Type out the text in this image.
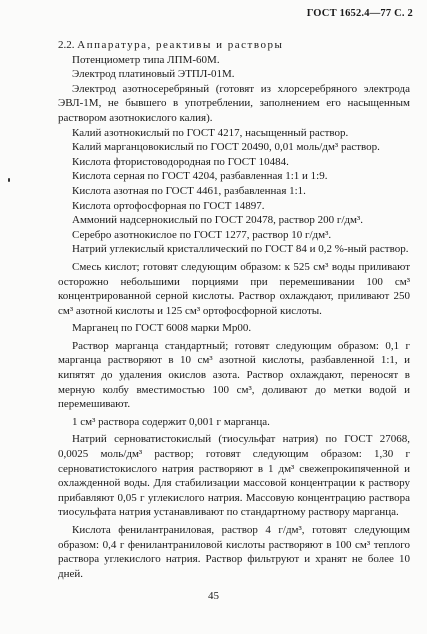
ГОСТ 1652.4—77 С. 2
2.2. Аппаратура, реактивы и растворы

Потенциометр типа ЛПМ-60М.

Электрод платиновый ЭТПЛ-01М.

Электрод азотносеребряный (готовят из хлорсеребряного электрода ЭВЛ-1М, не бывшего в употреблении, заполнением его насыщенным раствором азотнокислого калия).

Калий азотнокислый по ГОСТ 4217, насыщенный раствор.

Калий марганцовокислый по ГОСТ 20490, 0,01 моль/дм³ раствор.

Кислота фтористоводородная по ГОСТ 10484.

Кислота серная по ГОСТ 4204, разбавленная 1:1 и 1:9.

Кислота азотная по ГОСТ 4461, разбавленная 1:1.

Кислота ортофосфорная по ГОСТ 14897.

Аммоний надсернокислый по ГОСТ 20478, раствор 200 г/дм³.

Серебро азотнокислое по ГОСТ 1277, раствор 10 г/дм³.

Натрий углекислый кристаллический по ГОСТ 84 и 0,2 %-ный раствор.

Смесь кислот; готовят следующим образом: к 525 см³ воды приливают осторожно небольшими порциями при перемешивании 100 см³ концентрированной серной кислоты. Раствор охлаждают, приливают 250 см³ азотной кислоты и 125 см³ ортофосфорной кислоты.

Марганец по ГОСТ 6008 марки Мр00.

Раствор марганца стандартный; готовят следующим образом: 0,1 г марганца растворяют в 10 см³ азотной кислоты, разбавленной 1:1, и кипятят до удаления окислов азота. Раствор охлаждают, переносят в мерную колбу вместимостью 100 см³, доливают до метки водой и перемешивают.

1 см³ раствора содержит 0,001 г марганца.

Натрий серноватистокислый (тиосульфат натрия) по ГОСТ 27068, 0,0025 моль/дм³ раствор; готовят следующим образом: 1,30 г серноватистокислого натрия растворяют в 1 дм³ свежепрокипяченной и охлажденной воды. Для стабилизации массовой концентрации к раствору прибавляют 0,05 г углекислого натрия. Массовую концентрацию раствора тиосульфата натрия устанавливают по стандартному раствору марганца.

Кислота фенилантраниловая, раствор 4 г/дм³, готовят следующим образом: 0,4 г фенилантраниловой кислоты растворяют в 100 см³ теплого раствора углекислого натрия. Раствор фильтруют и хранят не более 10 дней.

45
